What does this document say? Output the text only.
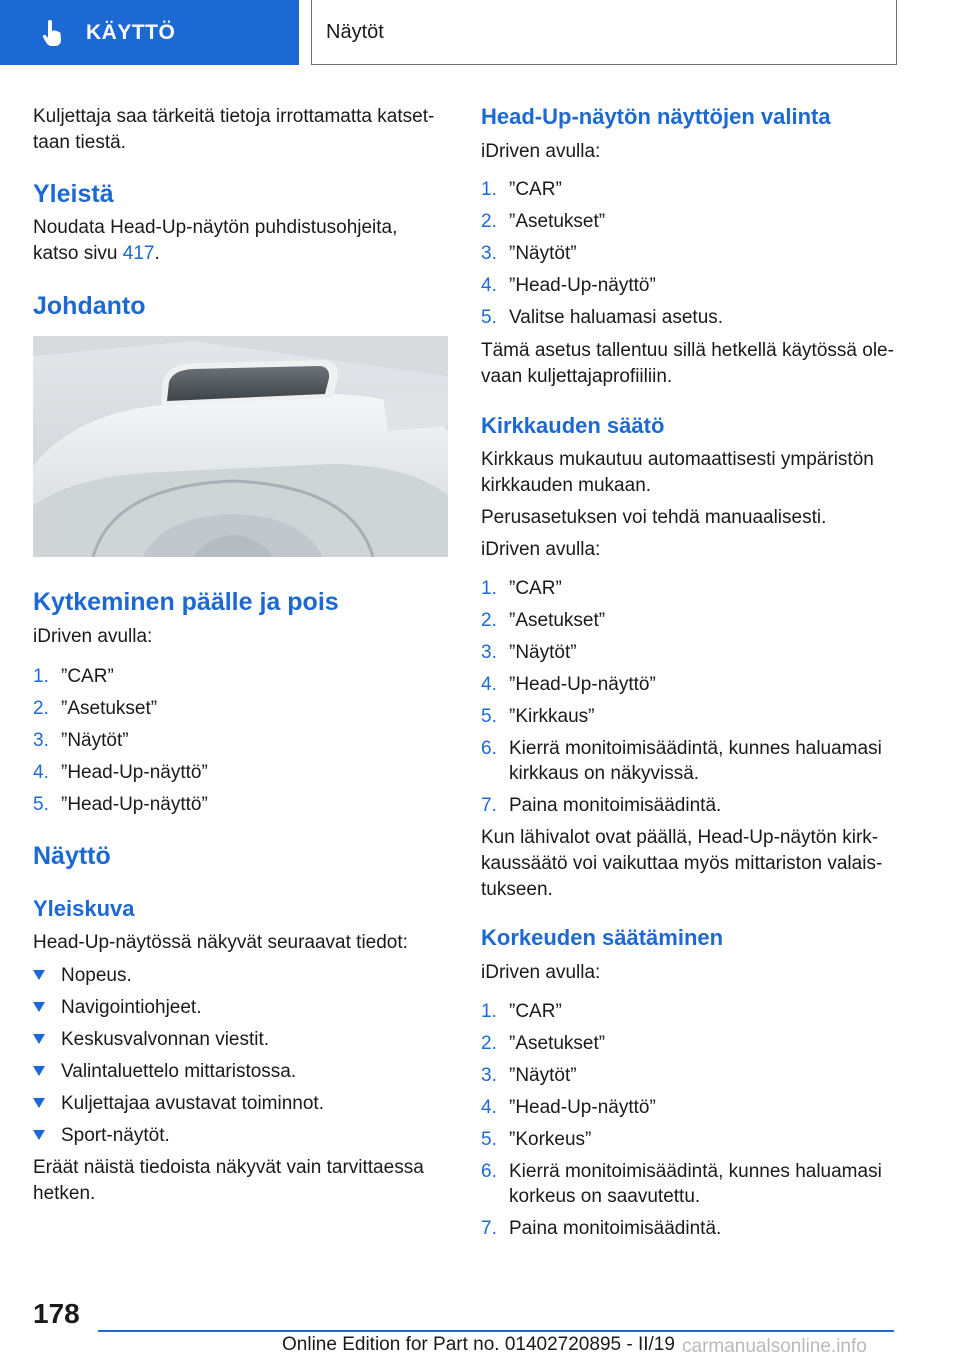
KÄYTTÖ	Näytöt
Kuljettaja saa tärkeitä tietoja irrottamatta katset-
taan tiestä.
Yleistä
Noudata Head-Up-näytön puhdistusohjeita,
katso sivu 417.
Johdanto
Kytkeminen päälle ja pois
iDriven avulla:
1. ”CAR”
2. ”Asetukset”
3. ”Näytöt”
4. ”Head-Up-näyttö”
5. ”Head-Up-näyttö”
Näyttö
Yleiskuva
Head-Up-näytössä näkyvät seuraavat tiedot:
Nopeus.
Navigointiohjeet.
Keskusvalvonnan viestit.
Valintaluettelo mittaristossa.
Kuljettajaa avustavat toiminnot.
Sport-näytöt.
Eräät näistä tiedoista näkyvät vain tarvittaessa
hetken.
Head-Up-näytön näyttöjen valinta
iDriven avulla:
1. ”CAR”
2. ”Asetukset”
3. ”Näytöt”
4. ”Head-Up-näyttö”
5. Valitse haluamasi asetus.
Tämä asetus tallentuu sillä hetkellä käytössä ole-
vaan kuljettajaprofiiliin.
Kirkkauden säätö
Kirkkaus mukautuu automaattisesti ympäristön
kirkkauden mukaan.
Perusasetuksen voi tehdä manuaalisesti.
iDriven avulla:
1. ”CAR”
2. ”Asetukset”
3. ”Näytöt”
4. ”Head-Up-näyttö”
5. ”Kirkkaus”
6. Kierrä monitoimisäädintä, kunnes haluamasi
kirkkaus on näkyvissä.
7. Paina monitoimisäädintä.
Kun lähivalot ovat päällä, Head-Up-näytön kirk-
kaussäätö voi vaikuttaa myös mittariston valais-
tukseen.
Korkeuden säätäminen
iDriven avulla:
1. ”CAR”
2. ”Asetukset”
3. ”Näytöt”
4. ”Head-Up-näyttö”
5. ”Korkeus”
6. Kierrä monitoimisäädintä, kunnes haluamasi
korkeus on saavutettu.
7. Paina monitoimisäädintä.
178
Online Edition for Part no. 01402720895 - II/19 carmanualsonline.info
